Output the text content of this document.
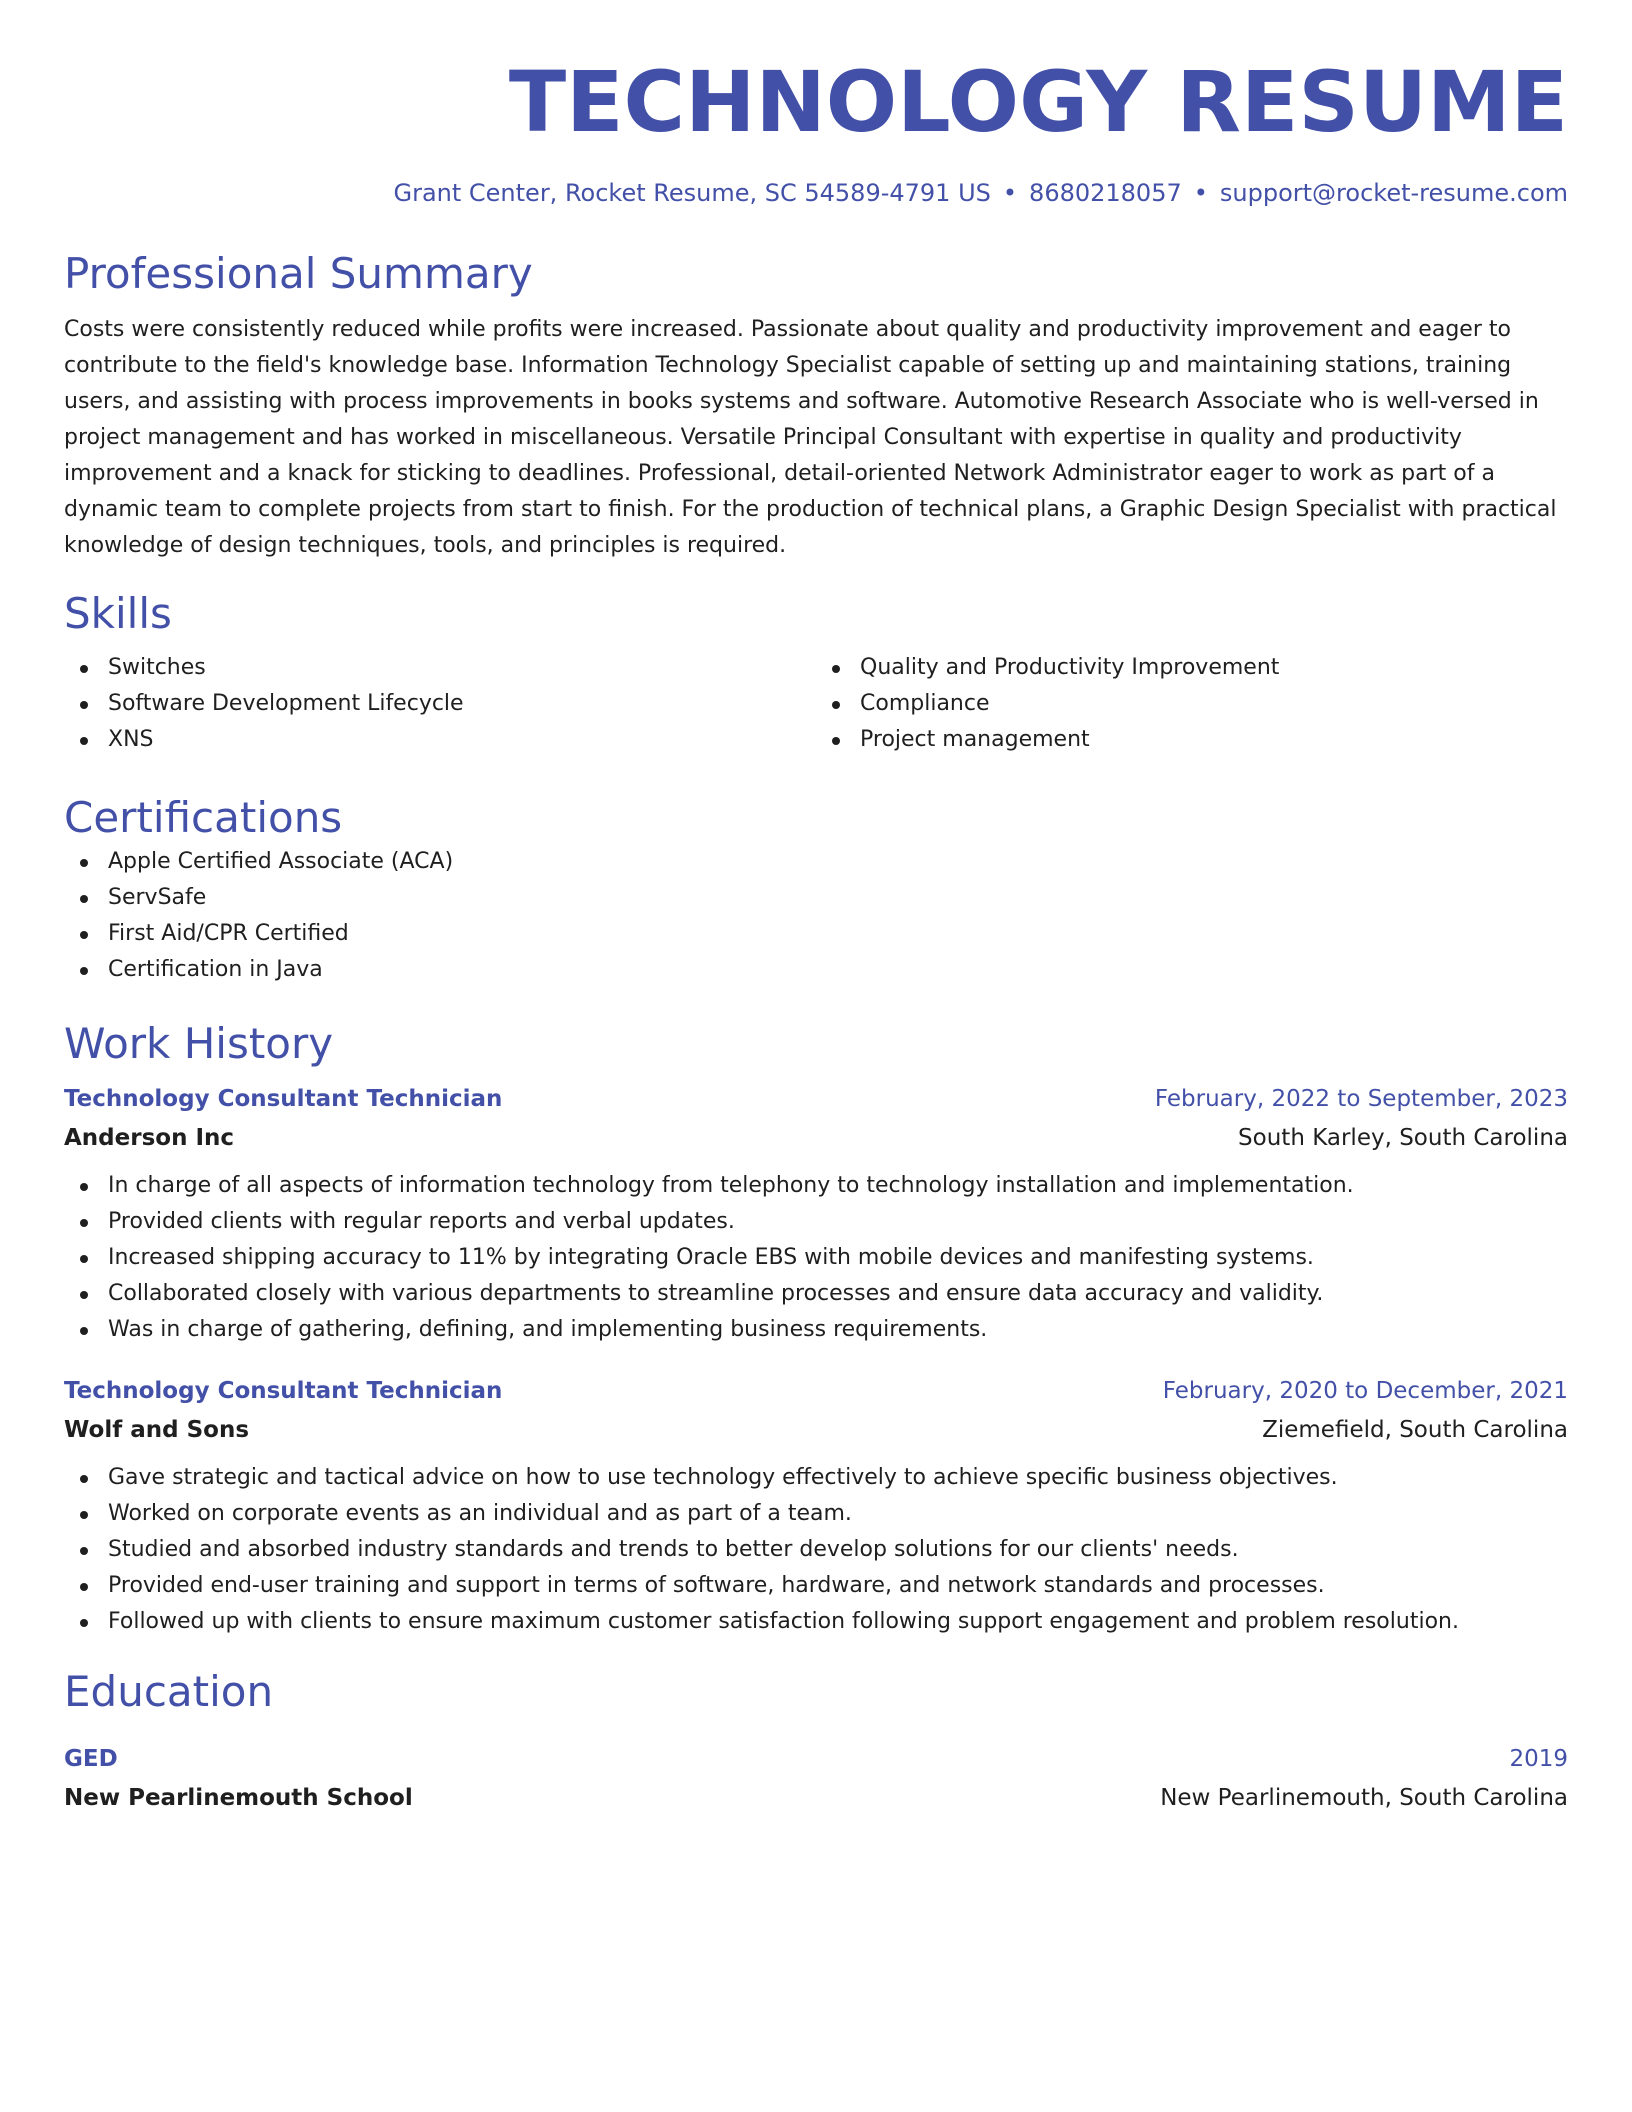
TECHNOLOGY RESUME
Grant Center, Rocket Resume, SC 54589-4791 US • 8680218057 • support@rocket-resume.com
Professional Summary

Costs were consistently reduced while profits were increased. Passionate about quality and productivity improvement and eager to contribute to the field's knowledge base. Information Technology Specialist capable of setting up and maintaining stations, training users, and assisting with process improvements in books systems and software. Automotive Research Associate who is well-versed in project management and has worked in miscellaneous. Versatile Principal Consultant with expertise in quality and productivity improvement and a knack for sticking to deadlines. Professional, detail-oriented Network Administrator eager to work as part of a dynamic team to complete projects from start to finish. For the production of technical plans, a Graphic Design Specialist with practical knowledge of design techniques, tools, and principles is required.

Skills
Switches
Software Development Lifecycle
XNS
Quality and Productivity Improvement
Compliance
Project management
Certifications
Apple Certified Associate (ACA)
ServSafe
First Aid/CPR Certified
Certification in Java
Work History
Technology Consultant Technician	February, 2022 to September, 2023
Anderson Inc	South Karley, South Carolina
In charge of all aspects of information technology from telephony to technology installation and implementation.
Provided clients with regular reports and verbal updates.
Increased shipping accuracy to 11% by integrating Oracle EBS with mobile devices and manifesting systems.
Collaborated closely with various departments to streamline processes and ensure data accuracy and validity.
Was in charge of gathering, defining, and implementing business requirements.
Technology Consultant Technician	February, 2020 to December, 2021
Wolf and Sons	Ziemefield, South Carolina
Gave strategic and tactical advice on how to use technology effectively to achieve specific business objectives.
Worked on corporate events as an individual and as part of a team.
Studied and absorbed industry standards and trends to better develop solutions for our clients' needs.
Provided end-user training and support in terms of software, hardware, and network standards and processes.
Followed up with clients to ensure maximum customer satisfaction following support engagement and problem resolution.
Education
GED	2019
New Pearlinemouth School	New Pearlinemouth, South Carolina
